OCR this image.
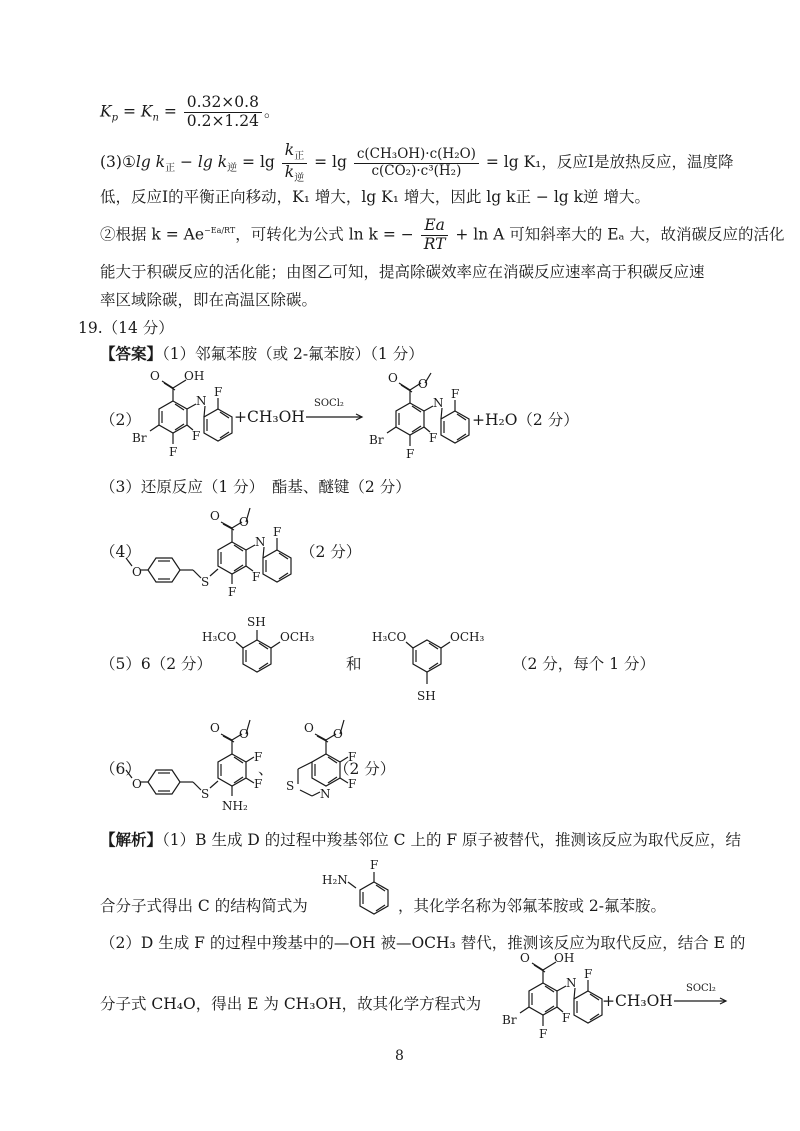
$K_p = K_n = \frac{0.32\times 0.8}{0.2\times 1.24}$ 。
(3)①lg $k_正 - \lg k_逆 = \lg \frac{k_正}{k_逆} = \lg \frac{\text{c(CH₃OH)·c(H₂O)}}{\text{c(CO₂)·c³(H₂)}} = \lg K_1$，反应Ⅰ是放热反应，温度降
低，反应Ⅰ的平衡正向移动，K₁ 增大，lg K₁ 增大，因此 lg k正 − lg k逆 增大。
②根据 $k = Ae^{-Ea/RT}$，可转化为公式 ln k = − $\frac{Ea}{RT} + \ln A$ 可知斜率大的 Eₐ 大，故消碳反应的活化
能大于积碳反应的活化能；由图乙可知，提高除碳效率应在消碳反应速率高于积碳反应速
率区域除碳，即在高温区除碳。
19.（14 分）
【答案】（1）邻氟苯胺（或 2-氟苯胺）（1 分）
（2）
O OH
N
F
F
Br
F
+CH₃OH
SOCl₂
O O
N
F
F
Br
F
+H₂O（2 分）
（3）还原反应（1 分）　酯基、醚键（2 分）
（4）
O
S
O O
N
F
F
F
（2 分）
（5）6（2 分）
SH
H₃CO	OCH₃
和
H₃CO	OCH₃
SH
（2 分，每个 1 分）
（6）
O
S
O O
F
F
NH₂
、
O O
F
F
S
N
（2 分）
【解析】（1）B 生成 D 的过程中羧基邻位 C 上的 F 原子被替代，推测该反应为取代反应，结
合分子式得出 C 的结构简式为
H₂N
F
，其化学名称为邻氟苯胺或 2-氟苯胺。
（2）D 生成 F 的过程中羧基中的—OH 被—OCH₃ 替代，推测该反应为取代反应，结合 E 的
分子式 CH₄O，得出 E 为 CH₃OH，故其化学方程式为
O OH
N
F
F
Br
F
+CH₃OH
SOCl₂
8
